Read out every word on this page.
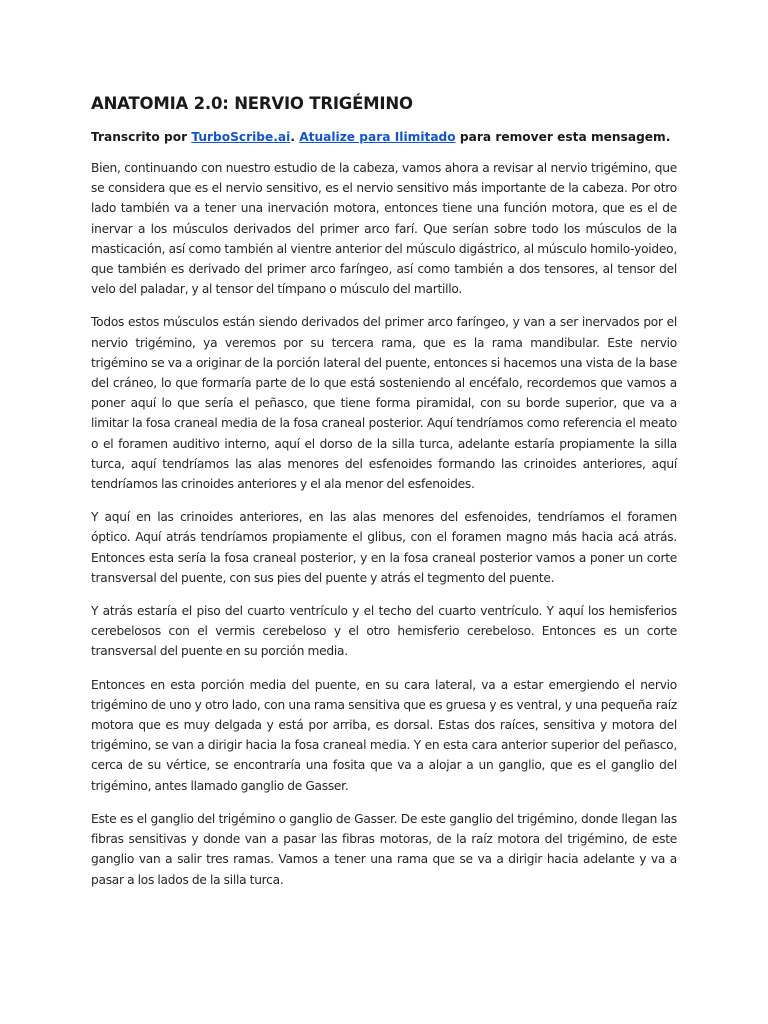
ANATOMIA 2.0: NERVIO TRIGÉMINO

Transcrito por TurboScribe.ai. Atualize para Ilimitado para remover esta mensagem.

Bien, continuando con nuestro estudio de la cabeza, vamos ahora a revisar al nervio trigémino, que se considera que es el nervio sensitivo, es el nervio sensitivo más importante de la cabeza. Por otro lado también va a tener una inervación motora, entonces tiene una función motora, que es el de inervar a los músculos derivados del primer arco farí. Que serían sobre todo los músculos de la masticación, así como también al vientre anterior del músculo digástrico, al músculo homilo-yoideo, que también es derivado del primer arco faríngeo, así como también a dos tensores, al tensor del velo del paladar, y al tensor del tímpano o músculo del martillo.

Todos estos músculos están siendo derivados del primer arco faríngeo, y van a ser inervados por el nervio trigémino, ya veremos por su tercera rama, que es la rama mandibular. Este nervio trigémino se va a originar de la porción lateral del puente, entonces si hacemos una vista de la base del cráneo, lo que formaría parte de lo que está sosteniendo al encéfalo, recordemos que vamos a poner aquí lo que sería el peñasco, que tiene forma piramidal, con su borde superior, que va a limitar la fosa craneal media de la fosa craneal posterior. Aquí tendríamos como referencia el meato o el foramen auditivo interno, aquí el dorso de la silla turca, adelante estaría propiamente la silla turca, aquí tendríamos las alas menores del esfenoides formando las crinoides anteriores, aquí tendríamos las crinoides anteriores y el ala menor del esfenoides.

Y aquí en las crinoides anteriores, en las alas menores del esfenoides, tendríamos el foramen óptico. Aquí atrás tendríamos propiamente el glibus, con el foramen magno más hacia acá atrás. Entonces esta sería la fosa craneal posterior, y en la fosa craneal posterior vamos a poner un corte transversal del puente, con sus pies del puente y atrás el tegmento del puente.

Y atrás estaría el piso del cuarto ventrículo y el techo del cuarto ventrículo. Y aquí los hemisferios cerebelosos con el vermis cerebeloso y el otro hemisferio cerebeloso. Entonces es un corte transversal del puente en su porción media.

Entonces en esta porción media del puente, en su cara lateral, va a estar emergiendo el nervio trigémino de uno y otro lado, con una rama sensitiva que es gruesa y es ventral, y una pequeña raíz motora que es muy delgada y está por arriba, es dorsal. Estas dos raíces, sensitiva y motora del trigémino, se van a dirigir hacia la fosa craneal media. Y en esta cara anterior superior del peñasco, cerca de su vértice, se encontraría una fosita que va a alojar a un ganglio, que es el ganglio del trigémino, antes llamado ganglio de Gasser.

Este es el ganglio del trigémino o ganglio de Gasser. De este ganglio del trigémino, donde llegan las fibras sensitivas y donde van a pasar las fibras motoras, de la raíz motora del trigémino, de este ganglio van a salir tres ramas. Vamos a tener una rama que se va a dirigir hacia adelante y va a pasar a los lados de la silla turca.
